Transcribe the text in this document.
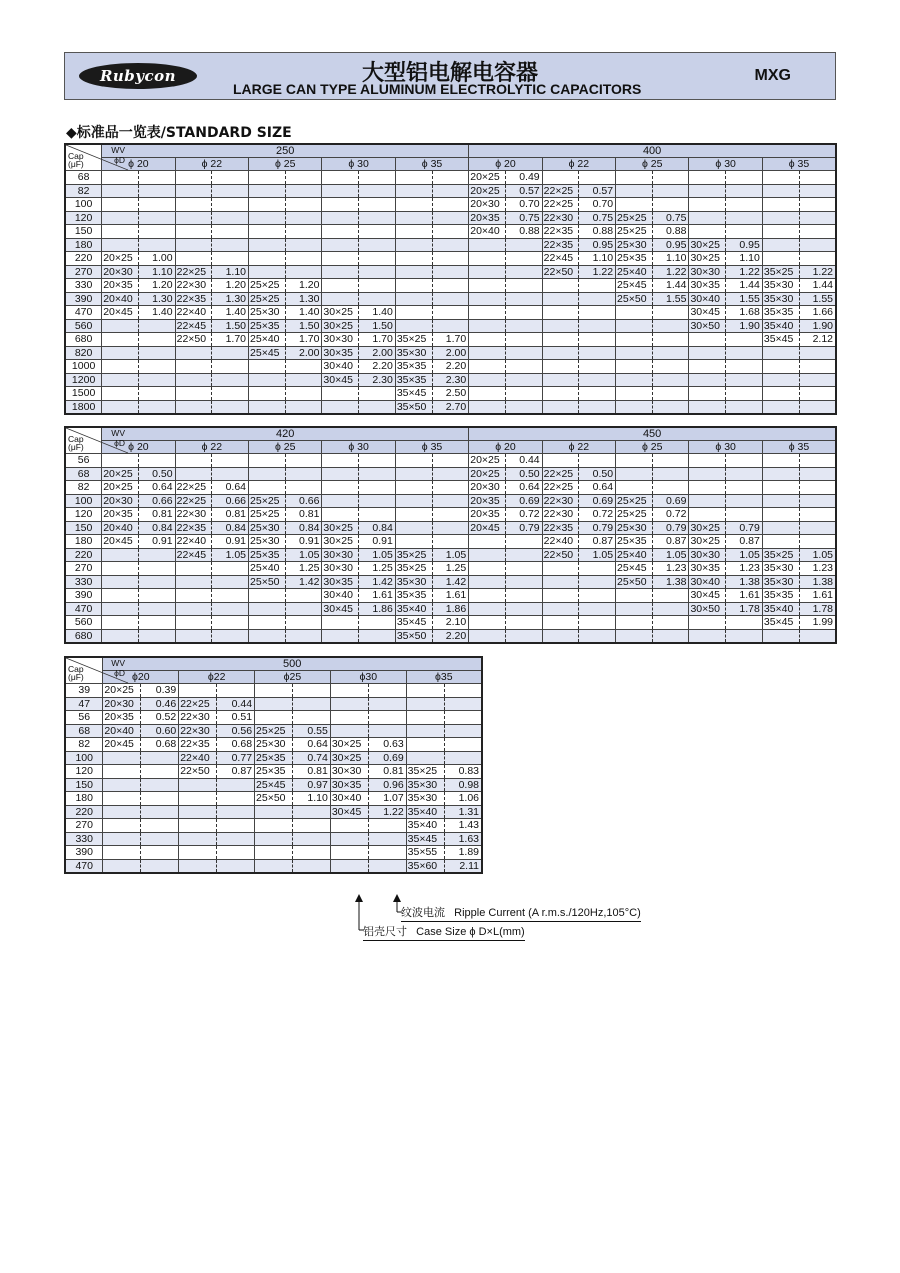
Rubycon	大型铝电解电容器
LARGE CAN TYPE ALUMINUM ELECTROLYTIC CAPACITORS
MXG
◆标准品一览表/STANDARD SIZE
WV
ϕD
Cap
(μF)	250										400									
	ϕ 20		ϕ 22		ϕ 25		ϕ 30		ϕ 35		ϕ 20		ϕ 22		ϕ 25		ϕ 30		ϕ 35	
68											20×25	0.49								
82											20×25	0.57	22×25	0.57						
100											20×30	0.70	22×25	0.70						
120											20×35	0.75	22×30	0.75	25×25	0.75				
150											20×40	0.88	22×35	0.88	25×25	0.88				
180													22×35	0.95	25×30	0.95	30×25	0.95		
220	20×25	1.00											22×45	1.10	25×35	1.10	30×25	1.10		
270	20×30	1.10	22×25	1.10									22×50	1.22	25×40	1.22	30×30	1.22	35×25	1.22
330	20×35	1.20	22×30	1.20	25×25	1.20									25×45	1.44	30×35	1.44	35×30	1.44
390	20×40	1.30	22×35	1.30	25×25	1.30									25×50	1.55	30×40	1.55	35×30	1.55
470	20×45	1.40	22×40	1.40	25×30	1.40	30×25	1.40									30×45	1.68	35×35	1.66
560			22×45	1.50	25×35	1.50	30×25	1.50									30×50	1.90	35×40	1.90
680			22×50	1.70	25×40	1.70	30×30	1.70	35×25	1.70									35×45	2.12
820					25×45	2.00	30×35	2.00	35×30	2.00										
1000							30×40	2.20	35×35	2.20										
1200							30×45	2.30	35×35	2.30										
1500									35×45	2.50										
1800									35×50	2.70										
WV
ϕD
Cap
(μF)	420										450									
	ϕ 20		ϕ 22		ϕ 25		ϕ 30		ϕ 35		ϕ 20		ϕ 22		ϕ 25		ϕ 30		ϕ 35	
56											20×25	0.44								
68	20×25	0.50									20×25	0.50	22×25	0.50						
82	20×25	0.64	22×25	0.64							20×30	0.64	22×25	0.64						
100	20×30	0.66	22×25	0.66	25×25	0.66					20×35	0.69	22×30	0.69	25×25	0.69				
120	20×35	0.81	22×30	0.81	25×25	0.81					20×35	0.72	22×30	0.72	25×25	0.72				
150	20×40	0.84	22×35	0.84	25×30	0.84	30×25	0.84			20×45	0.79	22×35	0.79	25×30	0.79	30×25	0.79		
180	20×45	0.91	22×40	0.91	25×30	0.91	30×25	0.91					22×40	0.87	25×35	0.87	30×25	0.87		
220			22×45	1.05	25×35	1.05	30×30	1.05	35×25	1.05			22×50	1.05	25×40	1.05	30×30	1.05	35×25	1.05
270					25×40	1.25	30×30	1.25	35×25	1.25					25×45	1.23	30×35	1.23	35×30	1.23
330					25×50	1.42	30×35	1.42	35×30	1.42					25×50	1.38	30×40	1.38	35×30	1.38
390							30×40	1.61	35×35	1.61							30×45	1.61	35×35	1.61
470							30×45	1.86	35×40	1.86							30×50	1.78	35×40	1.78
560									35×45	2.10									35×45	1.99
680									35×50	2.20										
WV
ϕD
Cap
(μF)	500									
	ϕ20		ϕ22		ϕ25		ϕ30		ϕ35	
39	20×25	0.39								
47	20×30	0.46	22×25	0.44						
56	20×35	0.52	22×30	0.51						
68	20×40	0.60	22×30	0.56	25×25	0.55				
82	20×45	0.68	22×35	0.68	25×30	0.64	30×25	0.63		
100			22×40	0.77	25×35	0.74	30×25	0.69		
120			22×50	0.87	25×35	0.81	30×30	0.81	35×25	0.83
150					25×45	0.97	30×35	0.96	35×30	0.98
180					25×50	1.10	30×40	1.07	35×30	1.06
220							30×45	1.22	35×40	1.31
270									35×40	1.43
330									35×45	1.63
390									35×55	1.89
470									35×60	2.11
纹波电流 Ripple Current (A r.m.s./120Hz,105°C)
铝壳尺寸 Case Size ϕ D×L(mm)
